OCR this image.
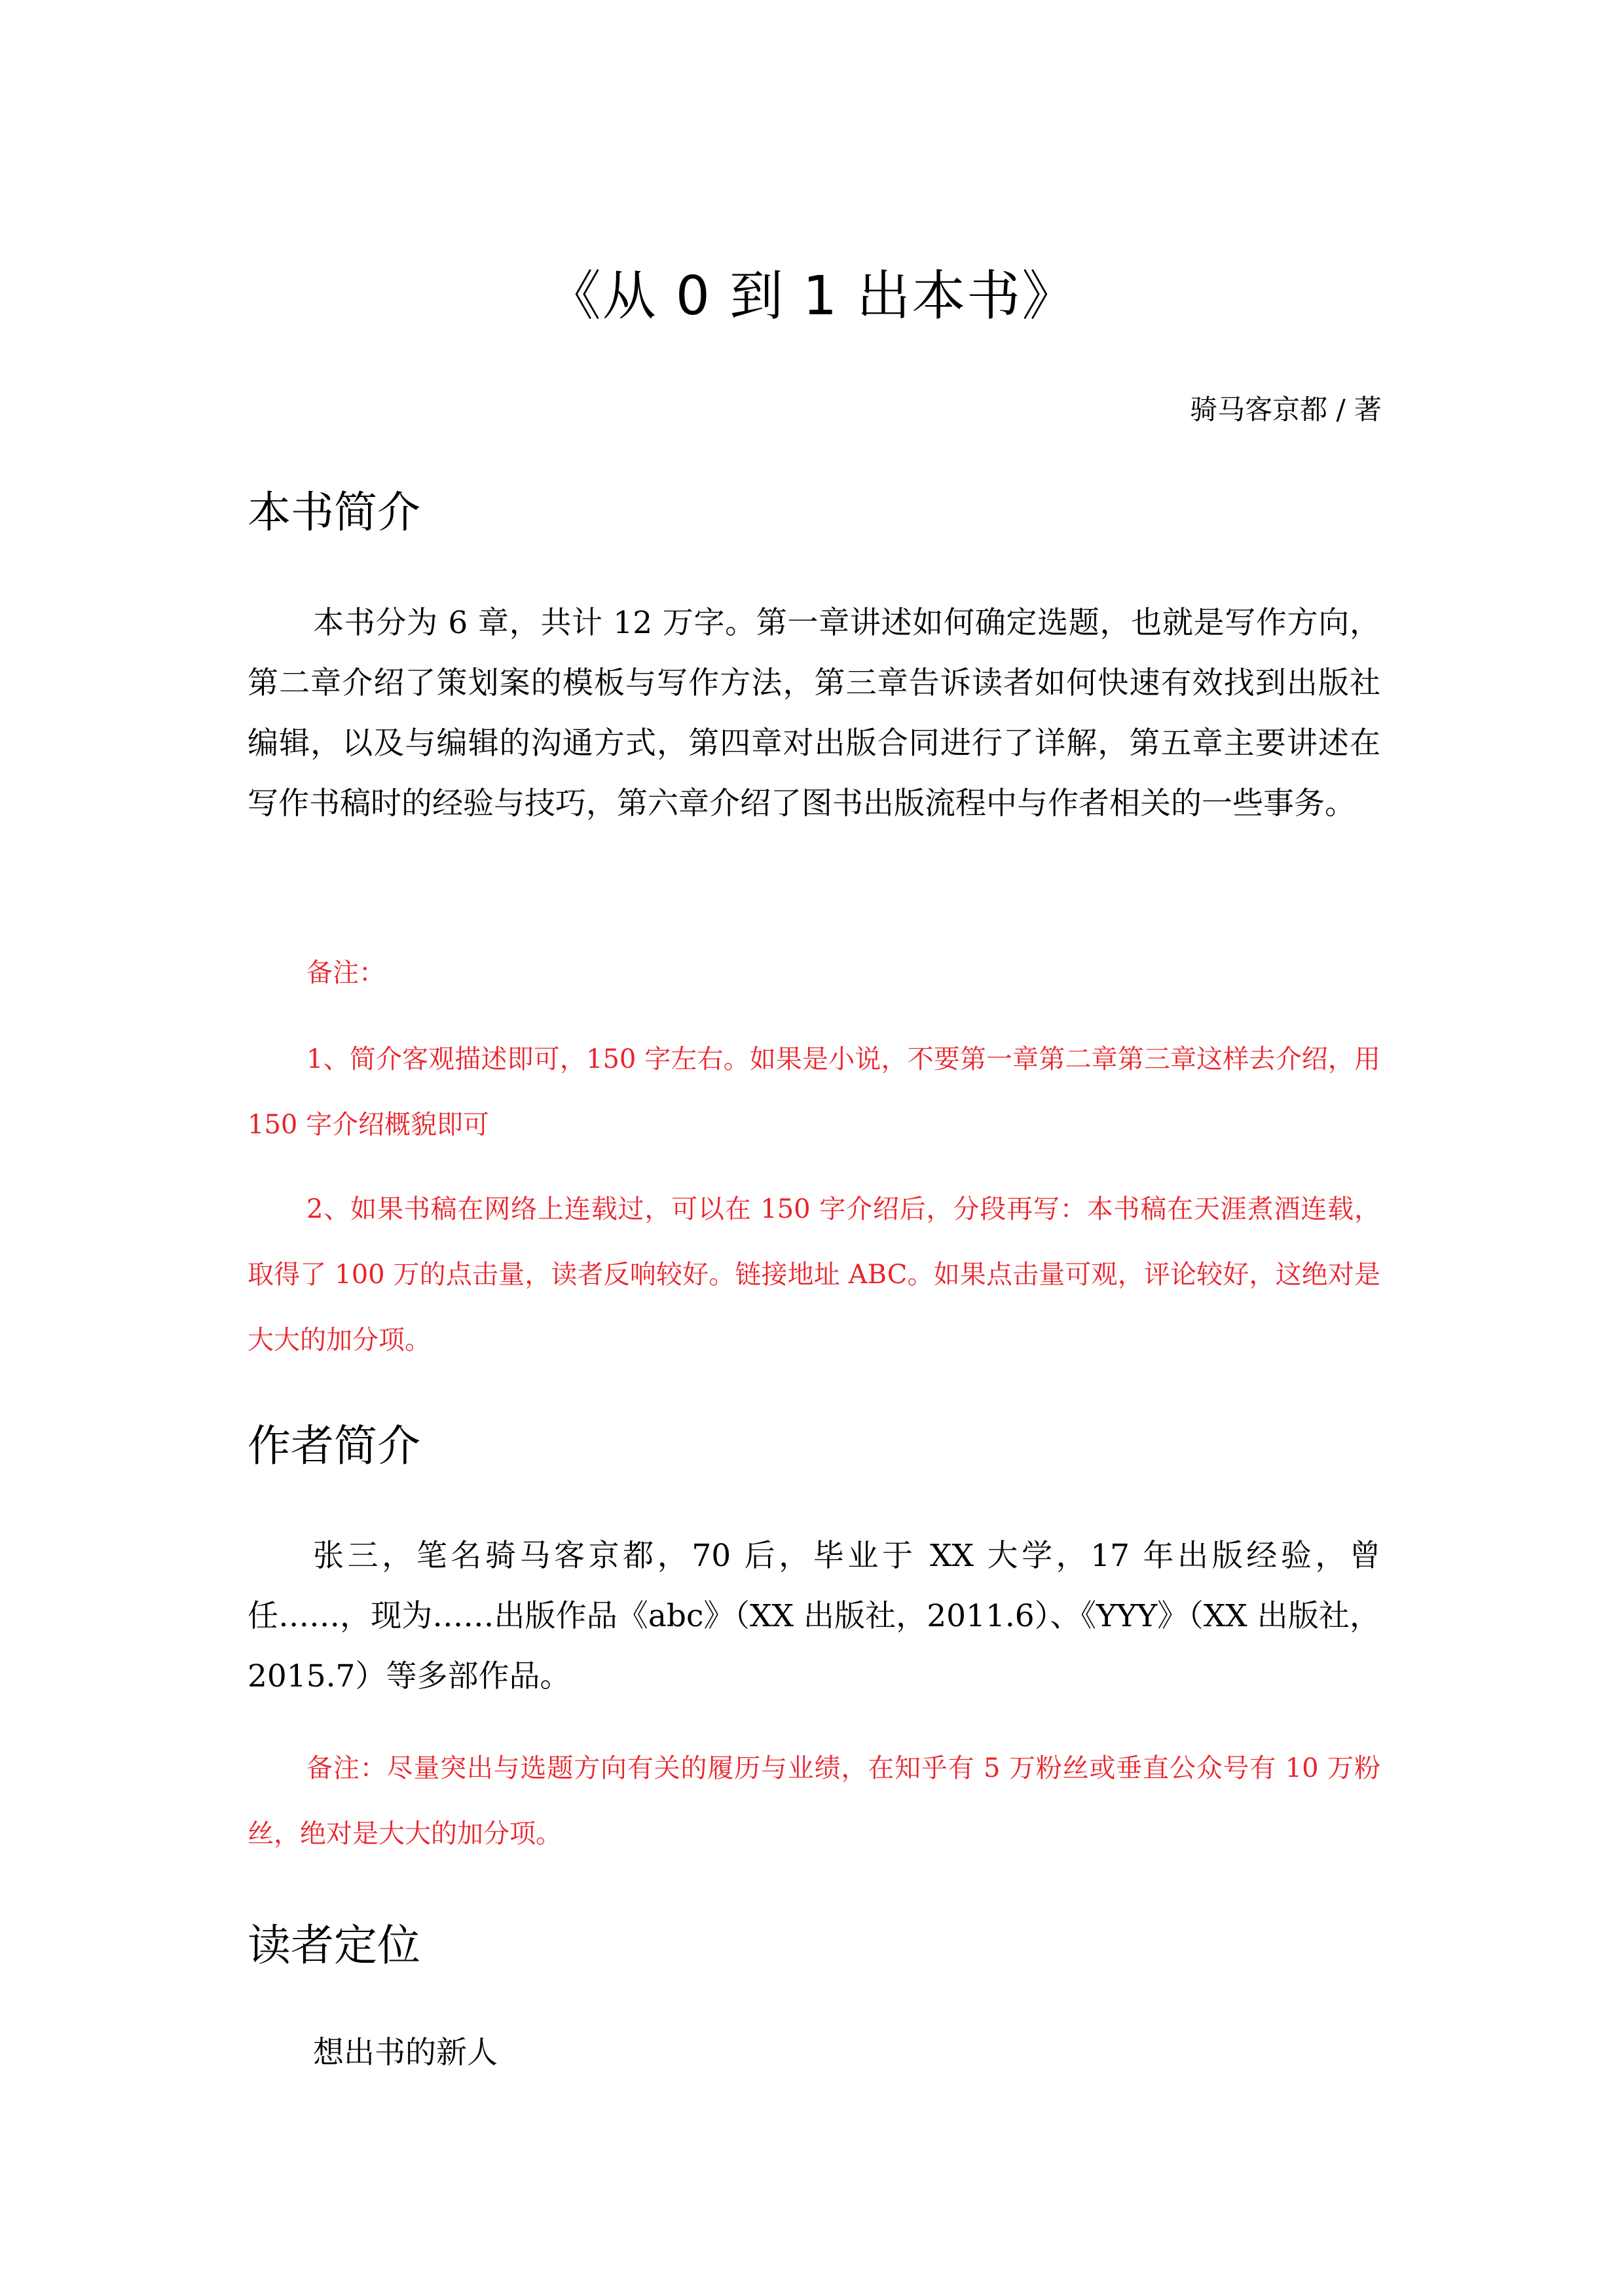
《从 0 到 1 出本书》
骑马客京都 / 著
本书简介
本书分为 6 章，共计 12 万字。第一章讲述如何确定选题，也就是写作方向，第二章介绍了策划案的模板与写作方法，第三章告诉读者如何快速有效找到出版社编辑，以及与编辑的沟通方式，第四章对出版合同进行了详解，第五章主要讲述在写作书稿时的经验与技巧，第六章介绍了图书出版流程中与作者相关的一些事务。
备注：
1、简介客观描述即可，150 字左右。如果是小说，不要第一章第二章第三章这样去介绍，用 150 字介绍概貌即可
2、如果书稿在网络上连载过，可以在 150 字介绍后，分段再写：本书稿在天涯煮酒连载，取得了 100 万的点击量，读者反响较好。链接地址 ABC。如果点击量可观，评论较好，这绝对是大大的加分项。
作者简介
张三，笔名骑马客京都，70 后，毕业于 XX 大学，17 年出版经验，曾任……，现为……出版作品《abc》（XX 出版社，2011.6）、《YYY》（XX 出版社，2015.7）等多部作品。
备注：尽量突出与选题方向有关的履历与业绩，在知乎有 5 万粉丝或垂直公众号有 10 万粉丝，绝对是大大的加分项。
读者定位
想出书的新人
